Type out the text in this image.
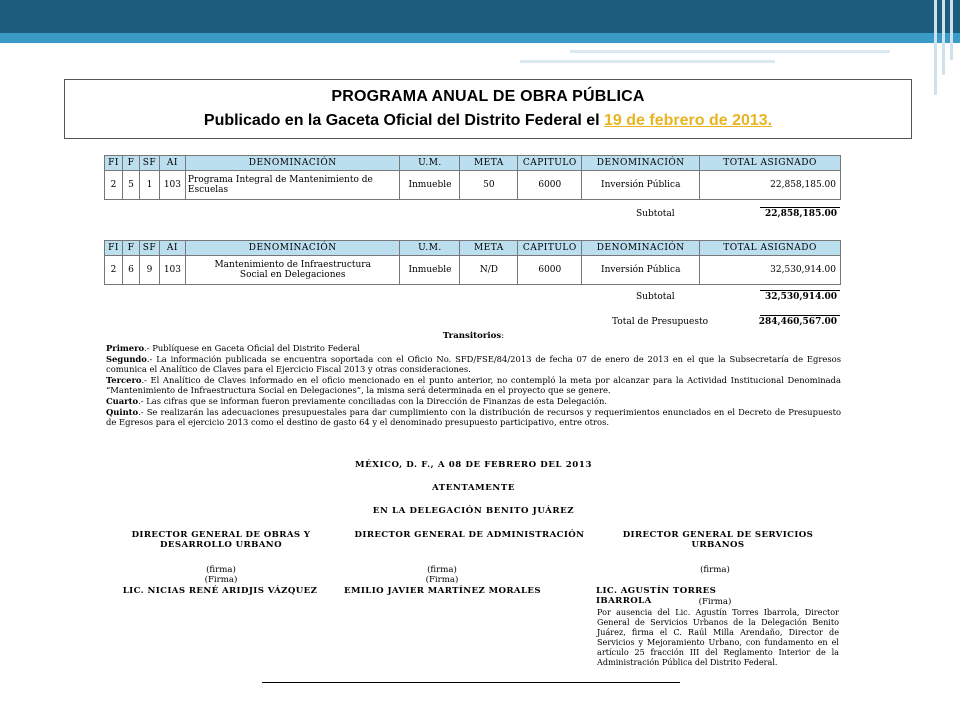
PROGRAMA ANUAL DE OBRA PÚBLICA
Publicado en la Gaceta Oficial del Distrito Federal el 19 de febrero de 2013.
FI	F	SF	AI	DENOMINACIÓN	U.M.	META	CAPITULO	DENOMINACIÓN	TOTAL ASIGNADO
2	5	1	103	Programa Integral de Mantenimiento de Escuelas	Inmueble	50	6000	Inversión Pública	22,858,185.00
Subtotal	22,858,185.00
FI	F	SF	AI	DENOMINACIÓN	U.M.	META	CAPITULO	DENOMINACIÓN	TOTAL ASIGNADO
2	6	9	103	Mantenimiento de Infraestructura Social en Delegaciones	Inmueble	N/D	6000	Inversión Pública	32,530,914.00
Subtotal	32,530,914.00
Total de Presupuesto	284,460,567.00
Transitorios:

Primero.- Publíquese en Gaceta Oficial del Distrito Federal

Segundo.- La información publicada se encuentra soportada con el Oficio No. SFD/FSE/84/2013 de fecha 07 de enero de 2013 en el que la Subsecretaría de Egresos comunica el Analítico de Claves para el Ejercicio Fiscal 2013 y otras consideraciones.

Tercero.- El Analítico de Claves informado en el oficio mencionado en el punto anterior, no contempló la meta por alcanzar para la Actividad Institucional Denominada “Mantenimiento de Infraestructura Social en Delegaciones”, la misma será determinada en el proyecto que se genere.

Cuarto.- Las cifras que se informan fueron previamente conciliadas con la Dirección de Finanzas de esta Delegación.

Quinto.- Se realizarán las adecuaciones presupuestales para dar cumplimiento con la distribución de recursos y requerimientos enunciados en el Decreto de Presupuesto de Egresos para el ejercicio 2013 como el destino de gasto 64 y el denominado presupuesto participativo, entre otros.

MÉXICO, D. F., A 08 DE FEBRERO DEL 2013
ATENTAMENTE
EN LA DELEGACIÓN BENITO JUÁREZ
DIRECTOR GENERAL DE OBRAS Y DESARROLLO URBANO
DIRECTOR GENERAL DE ADMINISTRACIÓN	DIRECTOR GENERAL DE SERVICIOS URBANOS
(firma)
(Firma)
LIC. NICIAS RENÉ ARIDJIS VÁZQUEZ
(firma)
(Firma)
EMILIO JAVIER MARTÍNEZ MORALES
(firma)
LIC. AGUSTÍN TORRES IBARROLA	(Firma)
Por ausencia del Lic. Agustín Torres Ibarrola, Director General de Servicios Urbanos de la Delegación Benito Juárez, firma el C. Raúl Milla Arendaño, Director de Servicios y Mejoramiento Urbano, con fundamento en el artículo 25 fracción III del Reglamento Interior de la Administración Pública del Distrito Federal.
